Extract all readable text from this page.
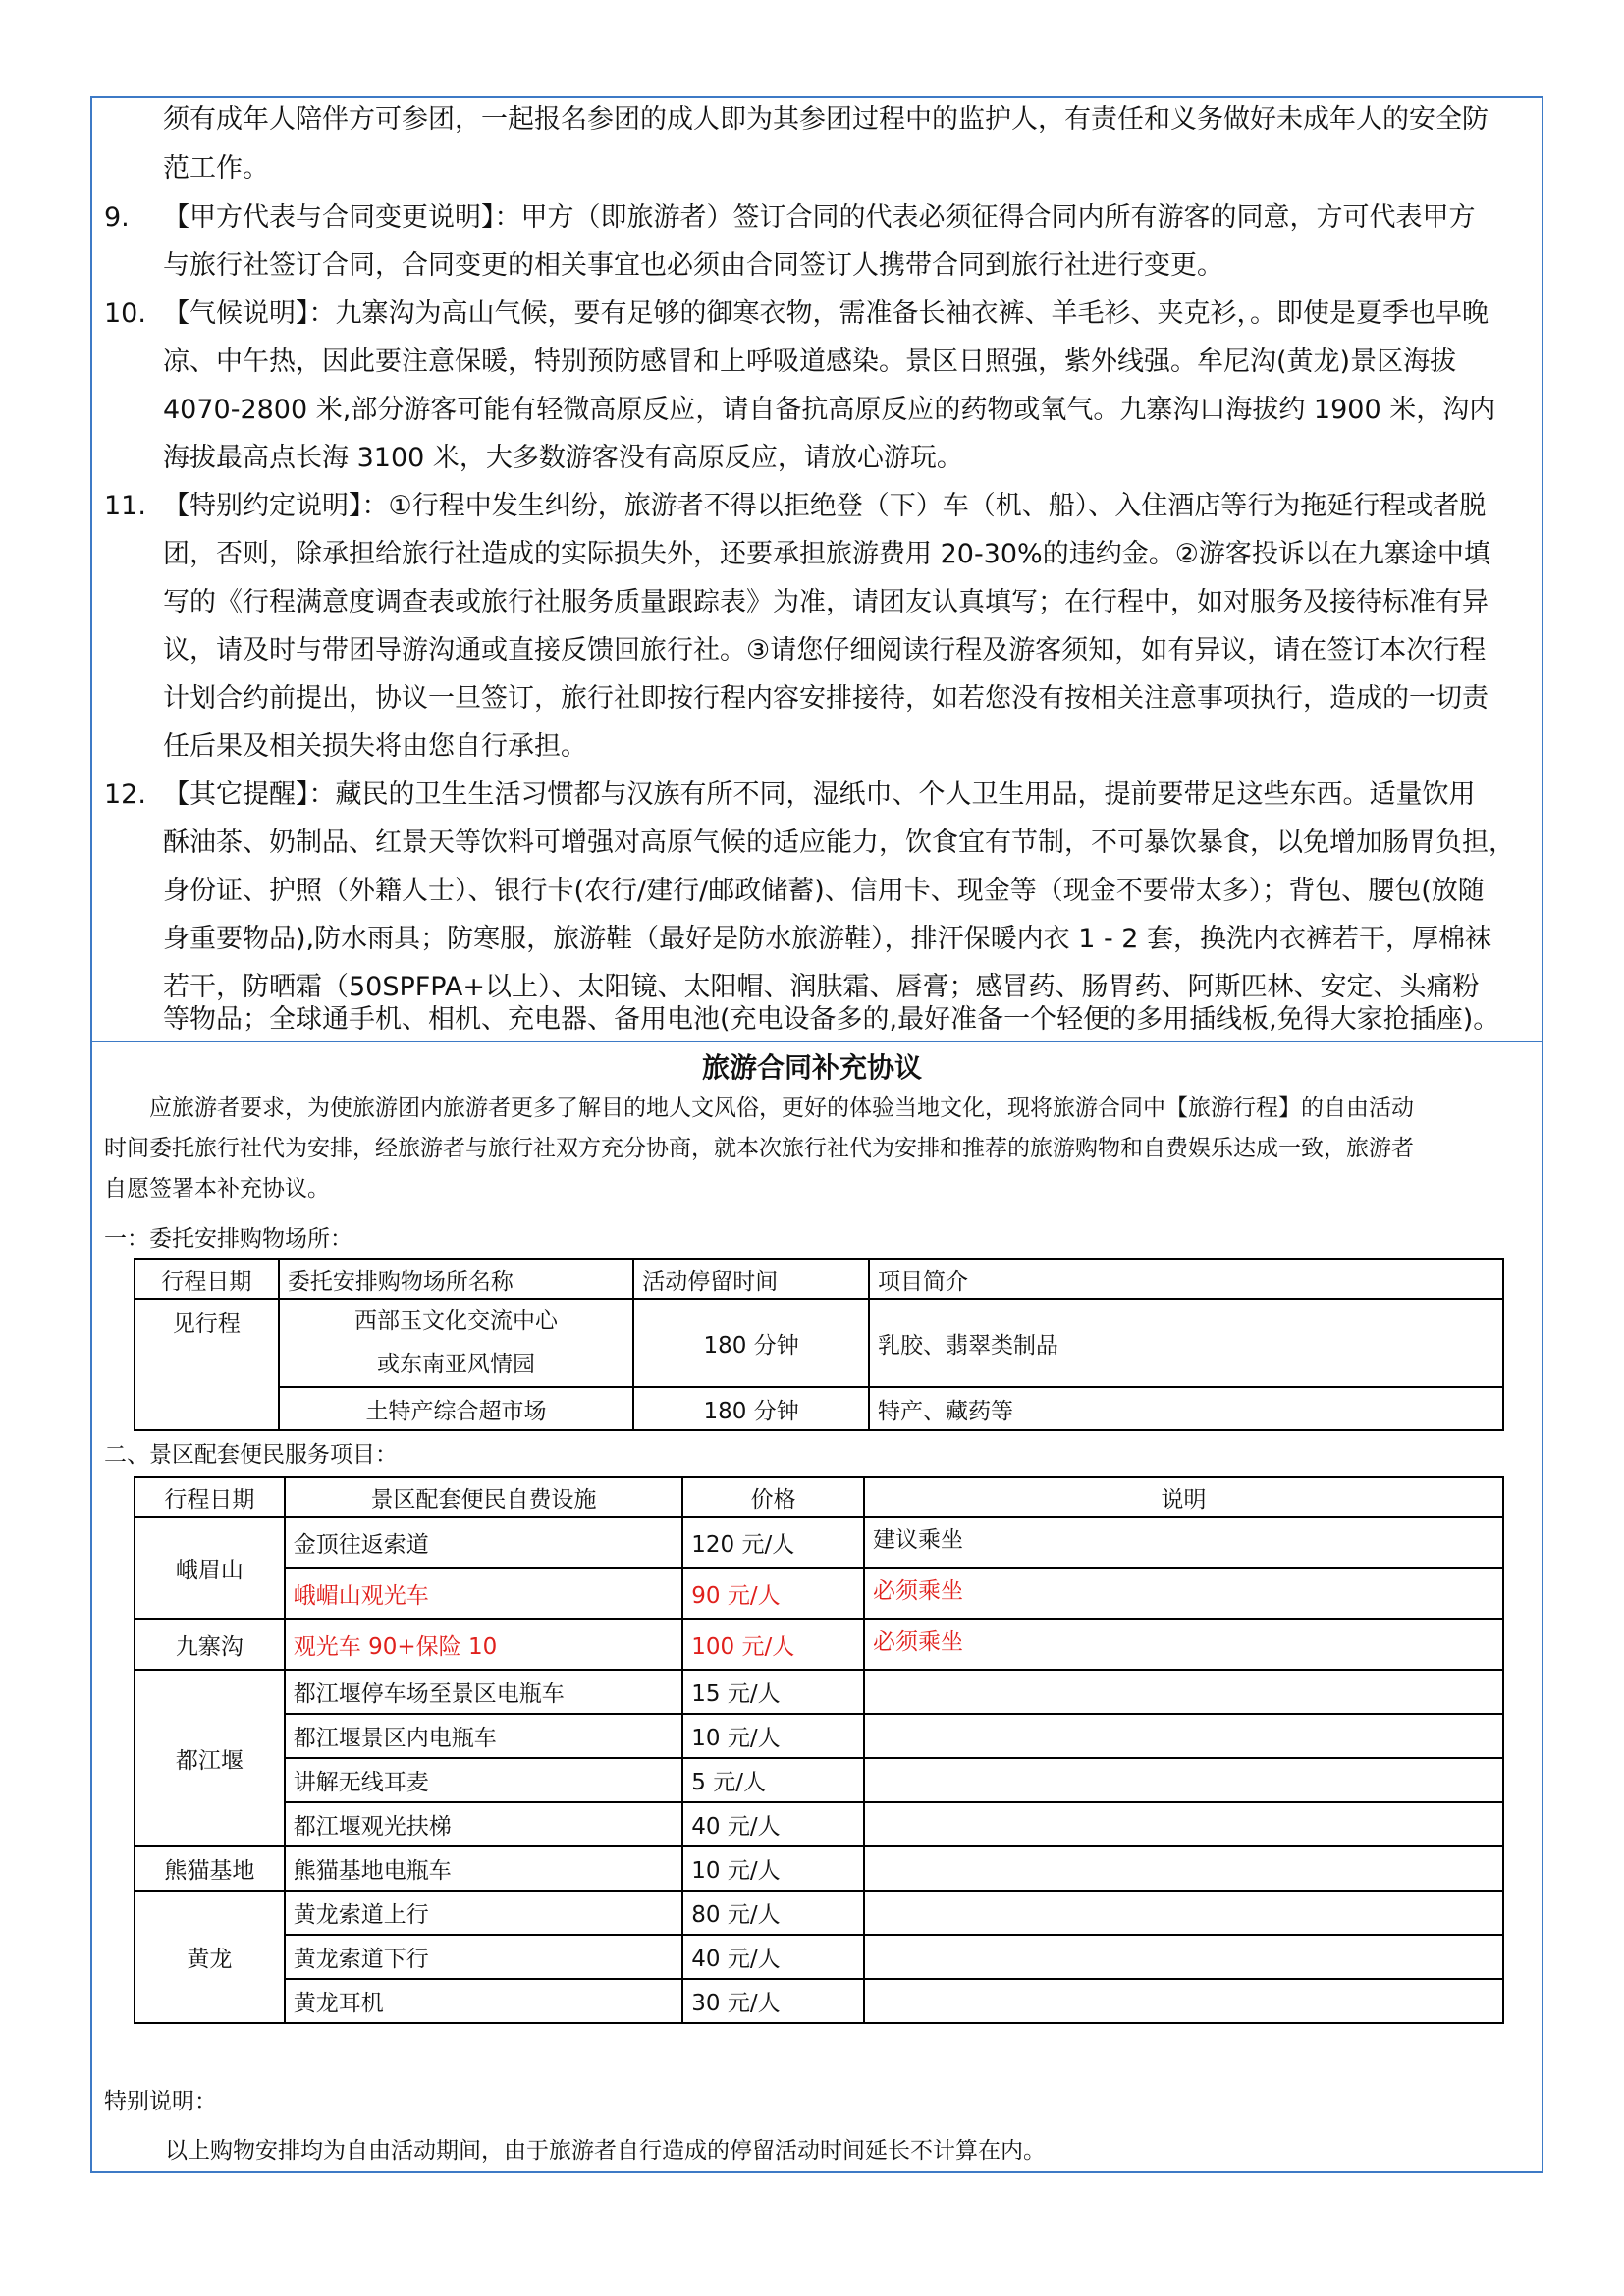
须有成年人陪伴方可参团，一起报名参团的成人即为其参团过程中的监护人，有责任和义务做好未成年人的安全防
范工作。
9. 【甲方代表与合同变更说明】：甲方（即旅游者）签订合同的代表必须征得合同内所有游客的同意，方可代表甲方
与旅行社签订合同，合同变更的相关事宜也必须由合同签订人携带合同到旅行社进行变更。
10. 【气候说明】：九寨沟为高山气候，要有足够的御寒衣物，需准备长袖衣裤、羊毛衫、夹克衫，。即使是夏季也早晚
凉、中午热，因此要注意保暖，特别预防感冒和上呼吸道感染。景区日照强，紫外线强。牟尼沟(黄龙)景区海拔
4070-2800 米,部分游客可能有轻微高原反应，请自备抗高原反应的药物或氧气。九寨沟口海拔约 1900 米，沟内
海拔最高点长海 3100 米，大多数游客没有高原反应，请放心游玩。
11. 【特别约定说明】：①行程中发生纠纷，旅游者不得以拒绝登（下）车（机、船）、入住酒店等行为拖延行程或者脱
团，否则，除承担给旅行社造成的实际损失外，还要承担旅游费用 20-30%的违约金。②游客投诉以在九寨途中填
写的《行程满意度调查表或旅行社服务质量跟踪表》为准，请团友认真填写；在行程中，如对服务及接待标准有异
议，请及时与带团导游沟通或直接反馈回旅行社。③请您仔细阅读行程及游客须知，如有异议，请在签订本次行程
计划合约前提出，协议一旦签订，旅行社即按行程内容安排接待，如若您没有按相关注意事项执行，造成的一切责
任后果及相关损失将由您自行承担。
12. 【其它提醒】：藏民的卫生生活习惯都与汉族有所不同，湿纸巾、个人卫生用品，提前要带足这些东西。适量饮用
酥油茶、奶制品、红景天等饮料可增强对高原气候的适应能力，饮食宜有节制，不可暴饮暴食，以免增加肠胃负担，
身份证、护照（外籍人士）、银行卡(农行/建行/邮政储蓄)、信用卡、现金等（现金不要带太多）；背包、腰包(放随
身重要物品),防水雨具；防寒服，旅游鞋（最好是防水旅游鞋），排汗保暖内衣 1 - 2 套，换洗内衣裤若干，厚棉袜
若干，防晒霜（50SPFPA+以上）、太阳镜、太阳帽、润肤霜、唇膏；感冒药、肠胃药、阿斯匹林、安定、头痛粉
等物品；全球通手机、相机、充电器、备用电池(充电设备多的,最好准备一个轻便的多用插线板,免得大家抢插座)。
旅游合同补充协议
应旅游者要求，为使旅游团内旅游者更多了解目的地人文风俗，更好的体验当地文化，现将旅游合同中【旅游行程】的自由活动
时间委托旅行社代为安排，经旅游者与旅行社双方充分协商，就本次旅行社代为安排和推荐的旅游购物和自费娱乐达成一致，旅游者
自愿签署本补充协议。
一：委托安排购物场所：
行程日期	委托安排购物场所名称	活动停留时间	项目简介
见行程	西部玉文化交流中心
或东南亚风情园	180 分钟	乳胶、翡翠类制品
	土特产综合超市场	180 分钟	特产、藏药等
二、景区配套便民服务项目：
行程日期	景区配套便民自费设施	价格	说明
峨眉山	金顶往返索道	120 元/人	建议乘坐
	峨嵋山观光车	90 元/人	必须乘坐
九寨沟	观光车 90+保险 10	100 元/人	必须乘坐
都江堰	都江堰停车场至景区电瓶车	15 元/人	
	都江堰景区内电瓶车	10 元/人	
	讲解无线耳麦	5 元/人	
	都江堰观光扶梯	40 元/人	
熊猫基地	熊猫基地电瓶车	10 元/人	
黄龙	黄龙索道上行	80 元/人	
	黄龙索道下行	40 元/人	
	黄龙耳机	30 元/人	
特别说明：
以上购物安排均为自由活动期间，由于旅游者自行造成的停留活动时间延长不计算在内。
